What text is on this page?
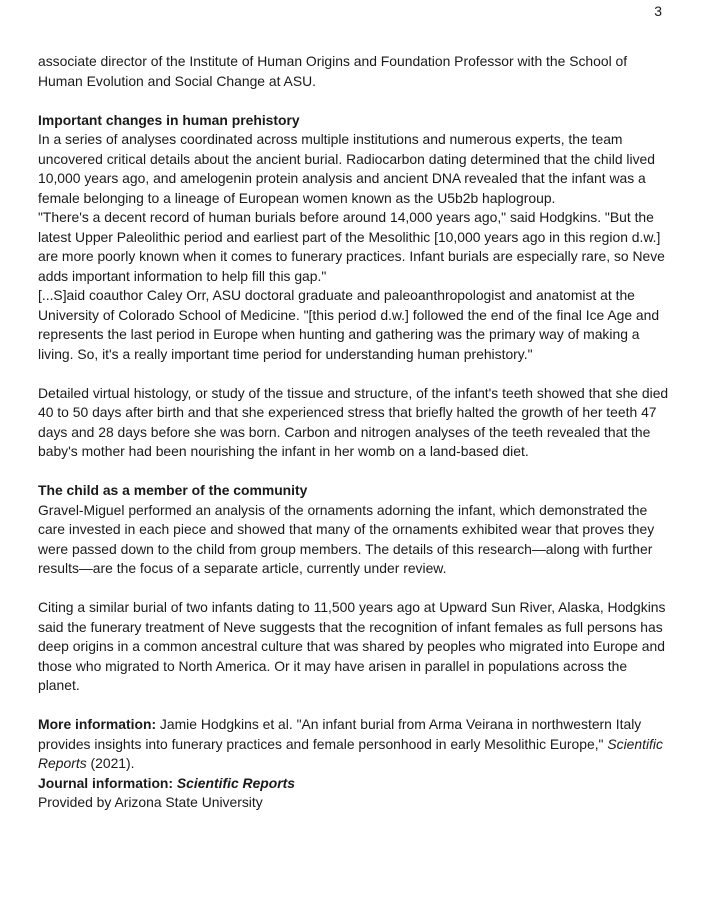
3

associate director of the Institute of Human Origins and Foundation Professor with the School of Human Evolution and Social Change at ASU.

Important changes in human prehistory

In a series of analyses coordinated across multiple institutions and numerous experts, the team uncovered critical details about the ancient burial. Radiocarbon dating determined that the child lived 10,000 years ago, and amelogenin protein analysis and ancient DNA revealed that the infant was a female belonging to a lineage of European women known as the U5b2b haplogroup.

"There's a decent record of human burials before around 14,000 years ago," said Hodgkins. "But the latest Upper Paleolithic period and earliest part of the Mesolithic [10,000 years ago in this region d.w.] are more poorly known when it comes to funerary practices. Infant burials are especially rare, so Neve adds important information to help fill this gap."

[...S]aid coauthor Caley Orr, ASU doctoral graduate and paleoanthropologist and anatomist at the University of Colorado School of Medicine. "[this period d.w.] followed the end of the final Ice Age and represents the last period in Europe when hunting and gathering was the primary way of making a living. So, it's a really important time period for understanding human prehistory."

Detailed virtual histology, or study of the tissue and structure, of the infant's teeth showed that she died 40 to 50 days after birth and that she experienced stress that briefly halted the growth of her teeth 47 days and 28 days before she was born. Carbon and nitrogen analyses of the teeth revealed that the baby's mother had been nourishing the infant in her womb on a land-based diet.

The child as a member of the community

Gravel-Miguel performed an analysis of the ornaments adorning the infant, which demonstrated the care invested in each piece and showed that many of the ornaments exhibited wear that proves they were passed down to the child from group members. The details of this research—along with further results—are the focus of a separate article, currently under review.

Citing a similar burial of two infants dating to 11,500 years ago at Upward Sun River, Alaska, Hodgkins said the funerary treatment of Neve suggests that the recognition of infant females as full persons has deep origins in a common ancestral culture that was shared by peoples who migrated into Europe and those who migrated to North America. Or it may have arisen in parallel in populations across the planet.

More information: Jamie Hodgkins et al. "An infant burial from Arma Veirana in northwestern Italy provides insights into funerary practices and female personhood in early Mesolithic Europe," Scientific Reports (2021).

Journal information: Scientific Reports

Provided by Arizona State University
